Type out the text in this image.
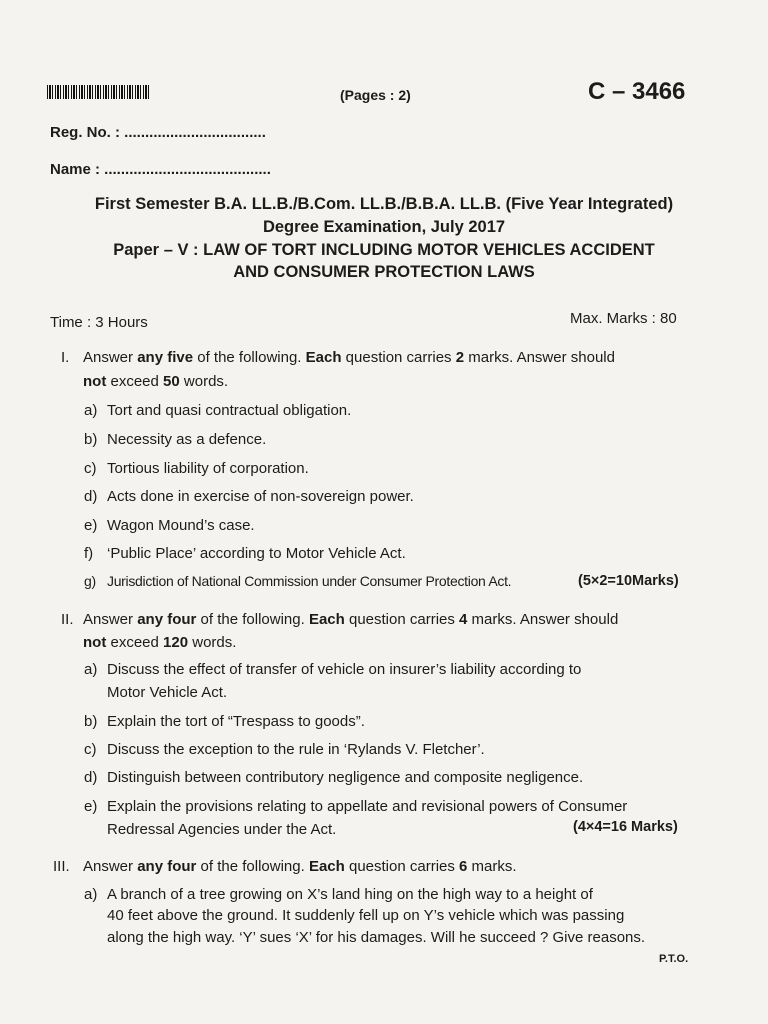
(Pages : 2)	C – 3466
Reg. No. : ..................................
Name : ........................................
First Semester B.A. LL.B./B.Com. LL.B./B.B.A. LL.B. (Five Year Integrated)
Degree Examination, July 2017
Paper – V : LAW OF TORT INCLUDING MOTOR VEHICLES ACCIDENT
AND CONSUMER PROTECTION LAWS
Time : 3 Hours	Max. Marks : 80
I. Answer any five of the following. Each question carries 2 marks. Answer should
not exceed 50 words.
a) Tort and quasi contractual obligation.
b) Necessity as a defence.
c) Tortious liability of corporation.
d) Acts done in exercise of non-sovereign power.
e) Wagon Mound’s case.
f) ‘Public Place’ according to Motor Vehicle Act.
g) Jurisdiction of National Commission under Consumer Protection Act.	(5×2=10Marks)
II. Answer any four of the following. Each question carries 4 marks. Answer should
not exceed 120 words.
a) Discuss the effect of transfer of vehicle on insurer’s liability according to
Motor Vehicle Act.
b) Explain the tort of “Trespass to goods”.
c) Discuss the exception to the rule in ‘Rylands V. Fletcher’.
d) Distinguish between contributory negligence and composite negligence.
e) Explain the provisions relating to appellate and revisional powers of Consumer
Redressal Agencies under the Act.	(4×4=16 Marks)
III. Answer any four of the following. Each question carries 6 marks.
a) A branch of a tree growing on X’s land hing on the high way to a height of
40 feet above the ground. It suddenly fell up on Y’s vehicle which was passing
along the high way. ‘Y’ sues ‘X’ for his damages. Will he succeed ? Give reasons.
P.T.O.
